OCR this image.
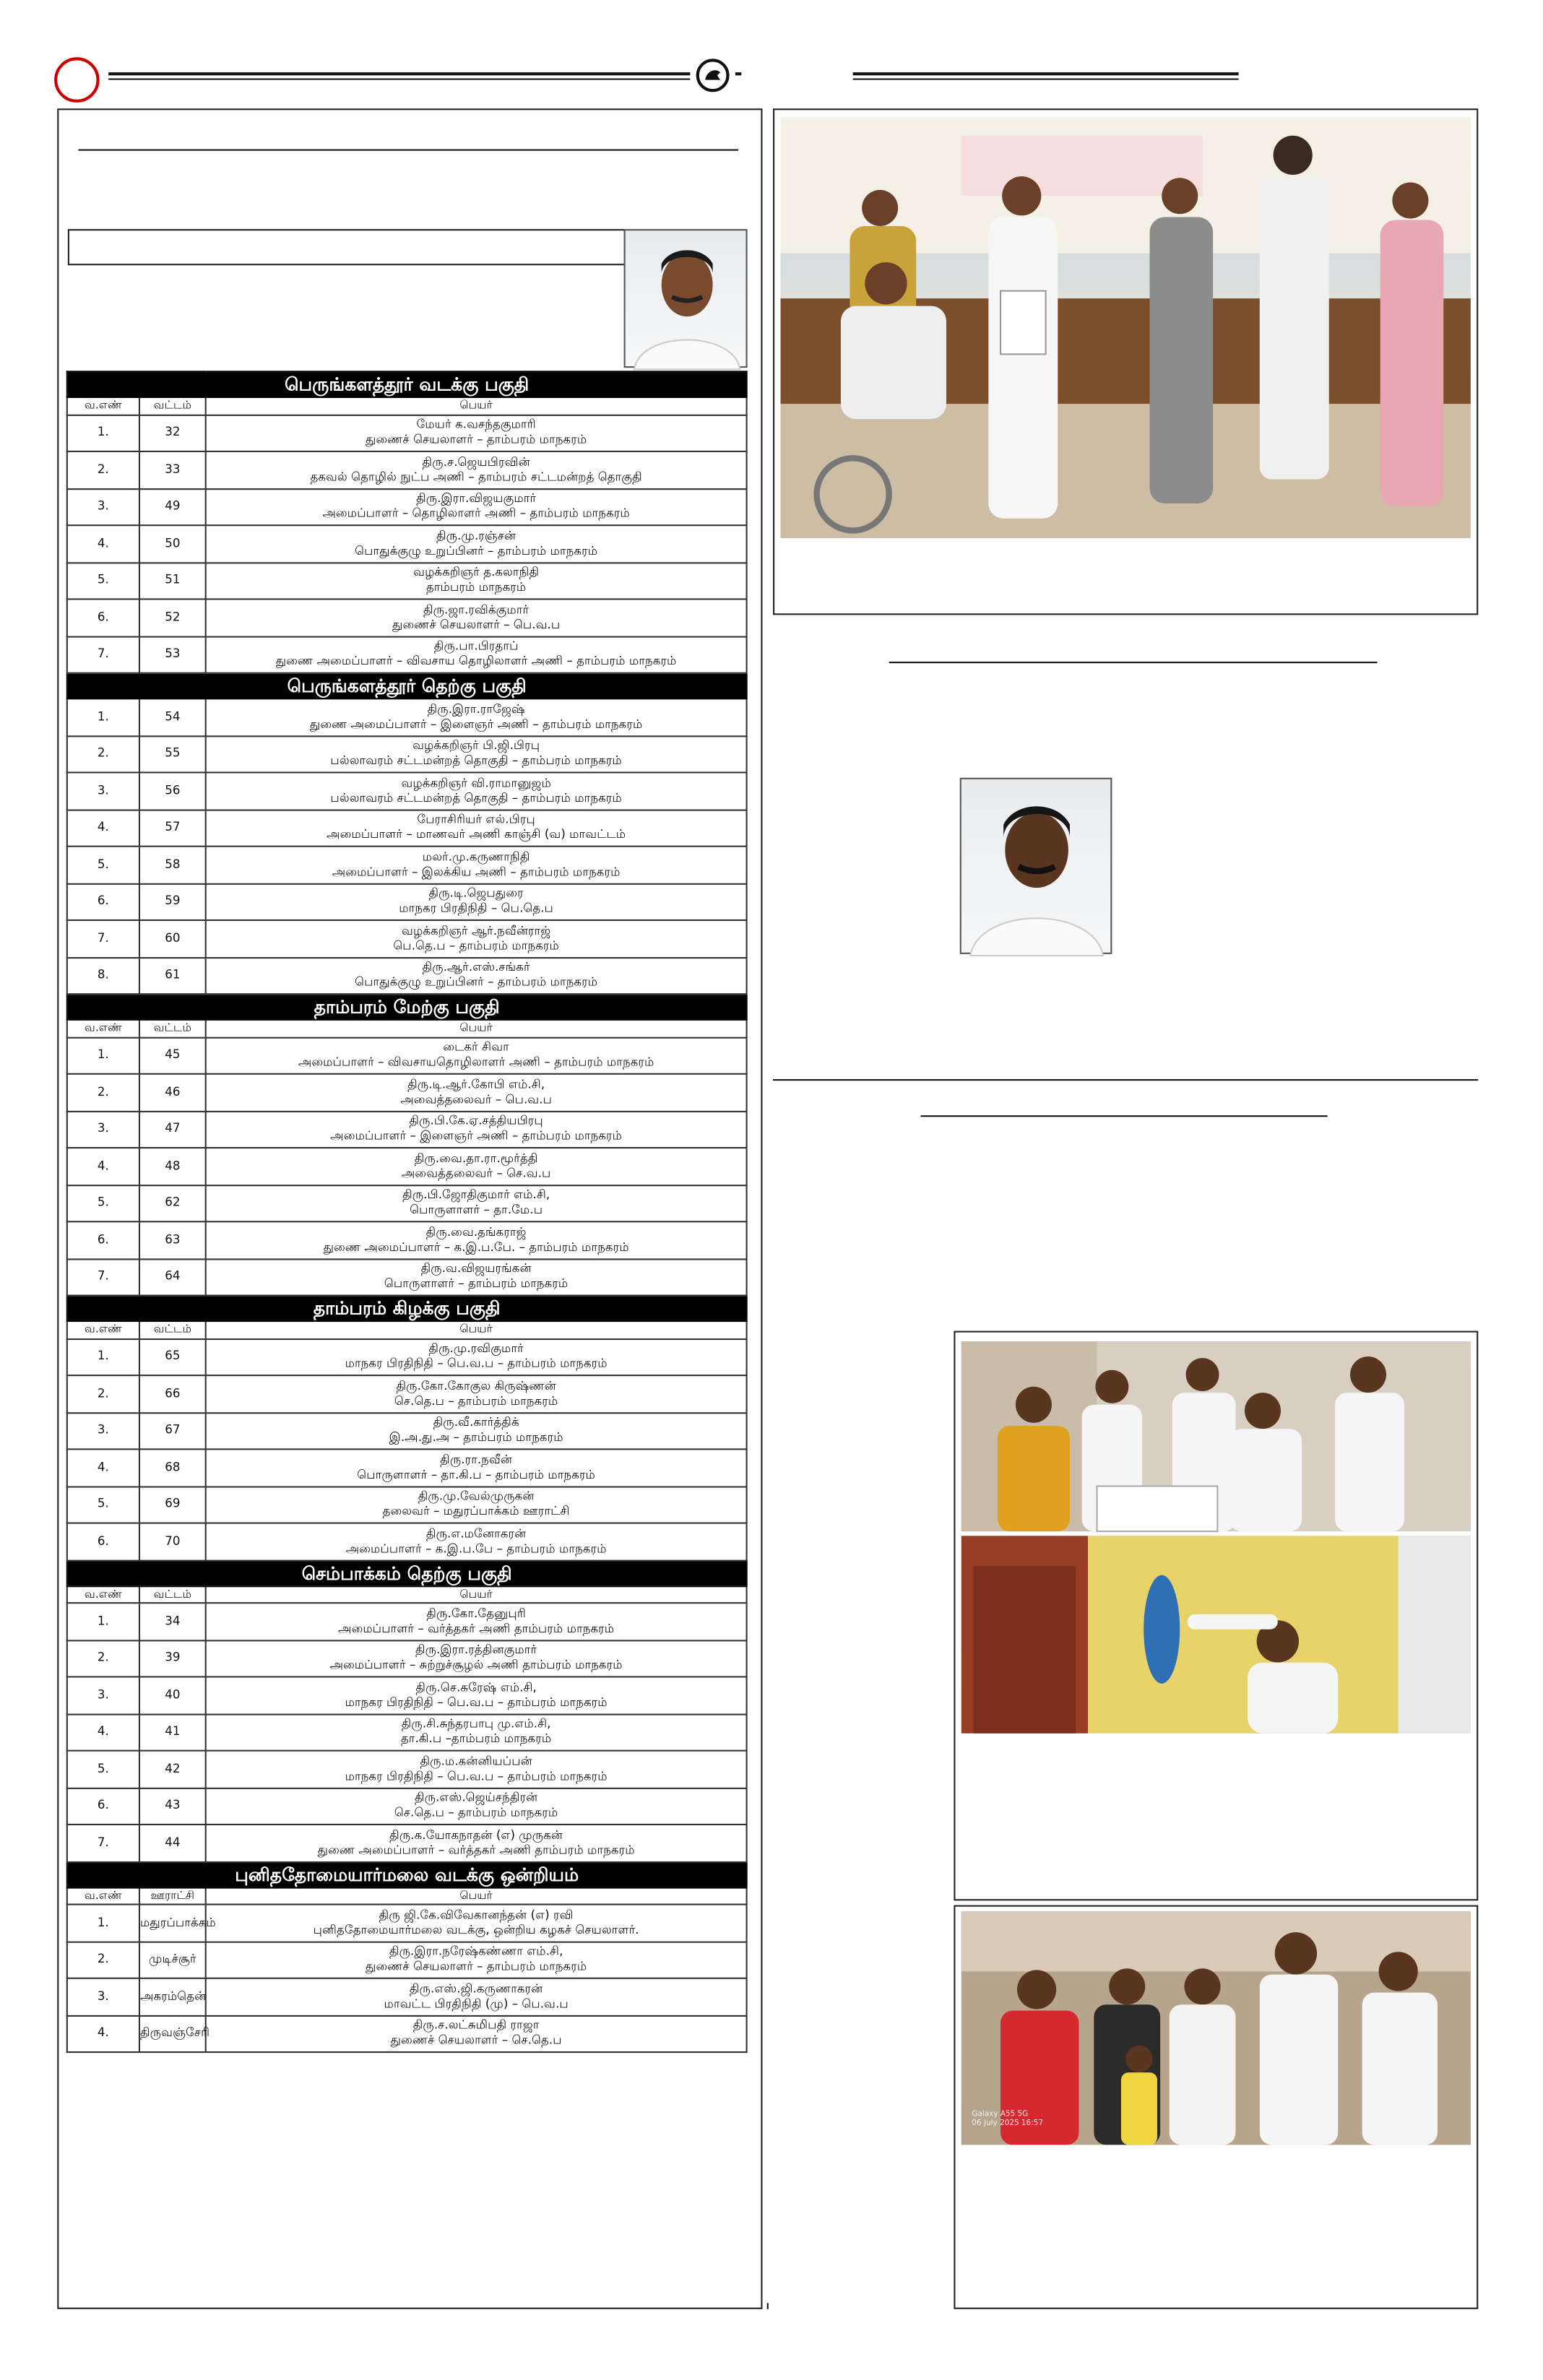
பெருங்களத்தூர் வடக்கு பகுதி		
வ.எண்	வட்டம்	பெயர்
1.	32	மேயர் க.வசந்தகுமாரி
துணைச் செயலாளர் – தாம்பரம் மாநகரம்

2.	33	திரு.ச.ஜெயபிரவின்
தகவல் தொழில் நுட்ப அணி – தாம்பரம் சட்டமன்றத் தொகுதி

3.	49	திரு.இரா.விஜயகுமார்
அமைப்பாளர் – தொழிலாளர் அணி – தாம்பரம் மாநகரம்

4.	50	திரு.மு.ரஞ்சன்
பொதுக்குழு உறுப்பினர் – தாம்பரம் மாநகரம்

5.	51	வழக்கறிஞர் த.கலாநிதி
தாம்பரம் மாநகரம்

6.	52	திரு.ஜா.ரவிக்குமார்
துணைச் செயலாளர் – பெ.வ.ப

7.	53	திரு.பா.பிரதாப்
துணை அமைப்பாளர் – விவசாய தொழிலாளர் அணி – தாம்பரம் மாநகரம்

பெருங்களத்தூர் தெற்கு பகுதி		
1.	54	திரு.இரா.ராஜேஷ்
துணை அமைப்பாளர் – இளைஞர் அணி – தாம்பரம் மாநகரம்

2.	55	வழக்கறிஞர் பி.ஜி.பிரபு
பல்லாவரம் சட்டமன்றத் தொகுதி – தாம்பரம் மாநகரம்

3.	56	வழக்கறிஞர் வி.ராமானுஜம்
பல்லாவரம் சட்டமன்றத் தொகுதி – தாம்பரம் மாநகரம்

4.	57	பேராசிரியர் எல்.பிரபு
அமைப்பாளர் – மாணவர் அணி காஞ்சி (வ) மாவட்டம்

5.	58	மலர்.மு.கருணாநிதி
அமைப்பாளர் – இலக்கிய அணி – தாம்பரம் மாநகரம்

6.	59	திரு.டி.ஜெபதுரை
மாநகர பிரதிநிதி – பெ.தெ.ப

7.	60	வழக்கறிஞர் ஆர்.நவீன்ராஜ்
பெ.தெ.ப – தாம்பரம் மாநகரம்

8.	61	திரு.ஆர்.எஸ்.சங்கர்
பொதுக்குழு உறுப்பினர் – தாம்பரம் மாநகரம்

தாம்பரம் மேற்கு பகுதி		
வ.எண்	வட்டம்	பெயர்
1.	45	டைகர் சிவா
அமைப்பாளர் – விவசாயதொழிலாளர் அணி – தாம்பரம் மாநகரம்

2.	46	திரு.டி.ஆர்.கோபி எம்.சி,
அவைத்தலைவர் – பெ.வ.ப

3.	47	திரு.பி.கே.ஏ.சத்தியபிரபு
அமைப்பாளர் – இளைஞர் அணி – தாம்பரம் மாநகரம்

4.	48	திரு.வை.தா.ரா.மூர்த்தி
அவைத்தலைவர் – செ.வ.ப

5.	62	திரு.பி.ஜோதிகுமார் எம்.சி,
பொருளாளர் – தா.மே.ப

6.	63	திரு.வை.தங்கராஜ்
துணை அமைப்பாளர் – க.இ.ப.பே. – தாம்பரம் மாநகரம்

7.	64	திரு.வ.விஜயரங்கன்
பொருளாளர் – தாம்பரம் மாநகரம்

தாம்பரம் கிழக்கு பகுதி		
வ.எண்	வட்டம்	பெயர்
1.	65	திரு.மு.ரவிகுமார்
மாநகர பிரதிநிதி – பெ.வ.ப – தாம்பரம் மாநகரம்

2.	66	திரு.கோ.கோகுல கிருஷ்ணன்
செ.தெ.ப – தாம்பரம் மாநகரம்

3.	67	திரு.வீ.கார்த்திக்
இ.அ.து.அ – தாம்பரம் மாநகரம்

4.	68	திரு.ரா.நவீன்
பொருளாளர் – தா.கி.ப – தாம்பரம் மாநகரம்

5.	69	திரு.மு.வேல்முருகன்
தலைவர் – மதுரப்பாக்கம் ஊராட்சி

6.	70	திரு.எ.மனோகரன்
அமைப்பாளர் – க.இ.ப.பே – தாம்பரம் மாநகரம்

செம்பாக்கம் தெற்கு பகுதி		
வ.எண்	வட்டம்	பெயர்
1.	34	திரு.கோ.தேனுபுரி
அமைப்பாளர் – வர்த்தகர் அணி தாம்பரம் மாநகரம்

2.	39	திரு.இரா.ரத்தினகுமார்
அமைப்பாளர் – சுற்றுச்சூழல் அணி தாம்பரம் மாநகரம்

3.	40	திரு.செ.சுரேஷ் எம்.சி,
மாநகர பிரதிநிதி – பெ.வ.ப – தாம்பரம் மாநகரம்

4.	41	திரு.சி.சுந்தரபாபு மு.எம்.சி,
தா.கி.ப –தாம்பரம் மாநகரம்

5.	42	திரு.ம.கன்னியப்பன்
மாநகர பிரதிநிதி – பெ.வ.ப – தாம்பரம் மாநகரம்

6.	43	திரு.எஸ்.ஜெய்சந்திரன்
செ.தெ.ப – தாம்பரம் மாநகரம்

7.	44	திரு.க.யோகநாதன் (எ) முருகன்
துணை அமைப்பாளர் – வர்த்தகர் அணி தாம்பரம் மாநகரம்

புனிததோமையார்மலை வடக்கு ஒன்றியம்		
வ.எண்	ஊராட்சி	பெயர்
1.	மதுரப்பாக்கம்	திரு ஜி.கே.விவேகானந்தன் (எ) ரவி
புனிததோமையார்மலை வடக்கு, ஒன்றிய கழகச் செயலாளர்.

2.	முடிச்சூர்	திரு.இரா.நரேஷ்கண்ணா எம்.சி,
துணைச் செயலாளர் – தாம்பரம் மாநகரம்

3.	அகரம்தென்	திரு.எஸ்.ஜி.கருணாகரன்
மாவட்ட பிரதிநிதி (மு) – பெ.வ.ப

4.	திருவஞ்சேரி	திரு.ச.லட்சுமிபதி ராஜா
துணைச் செயலாளர் – செ.தெ.ப
Galaxy A55 5G
06 July 2025 16:57
